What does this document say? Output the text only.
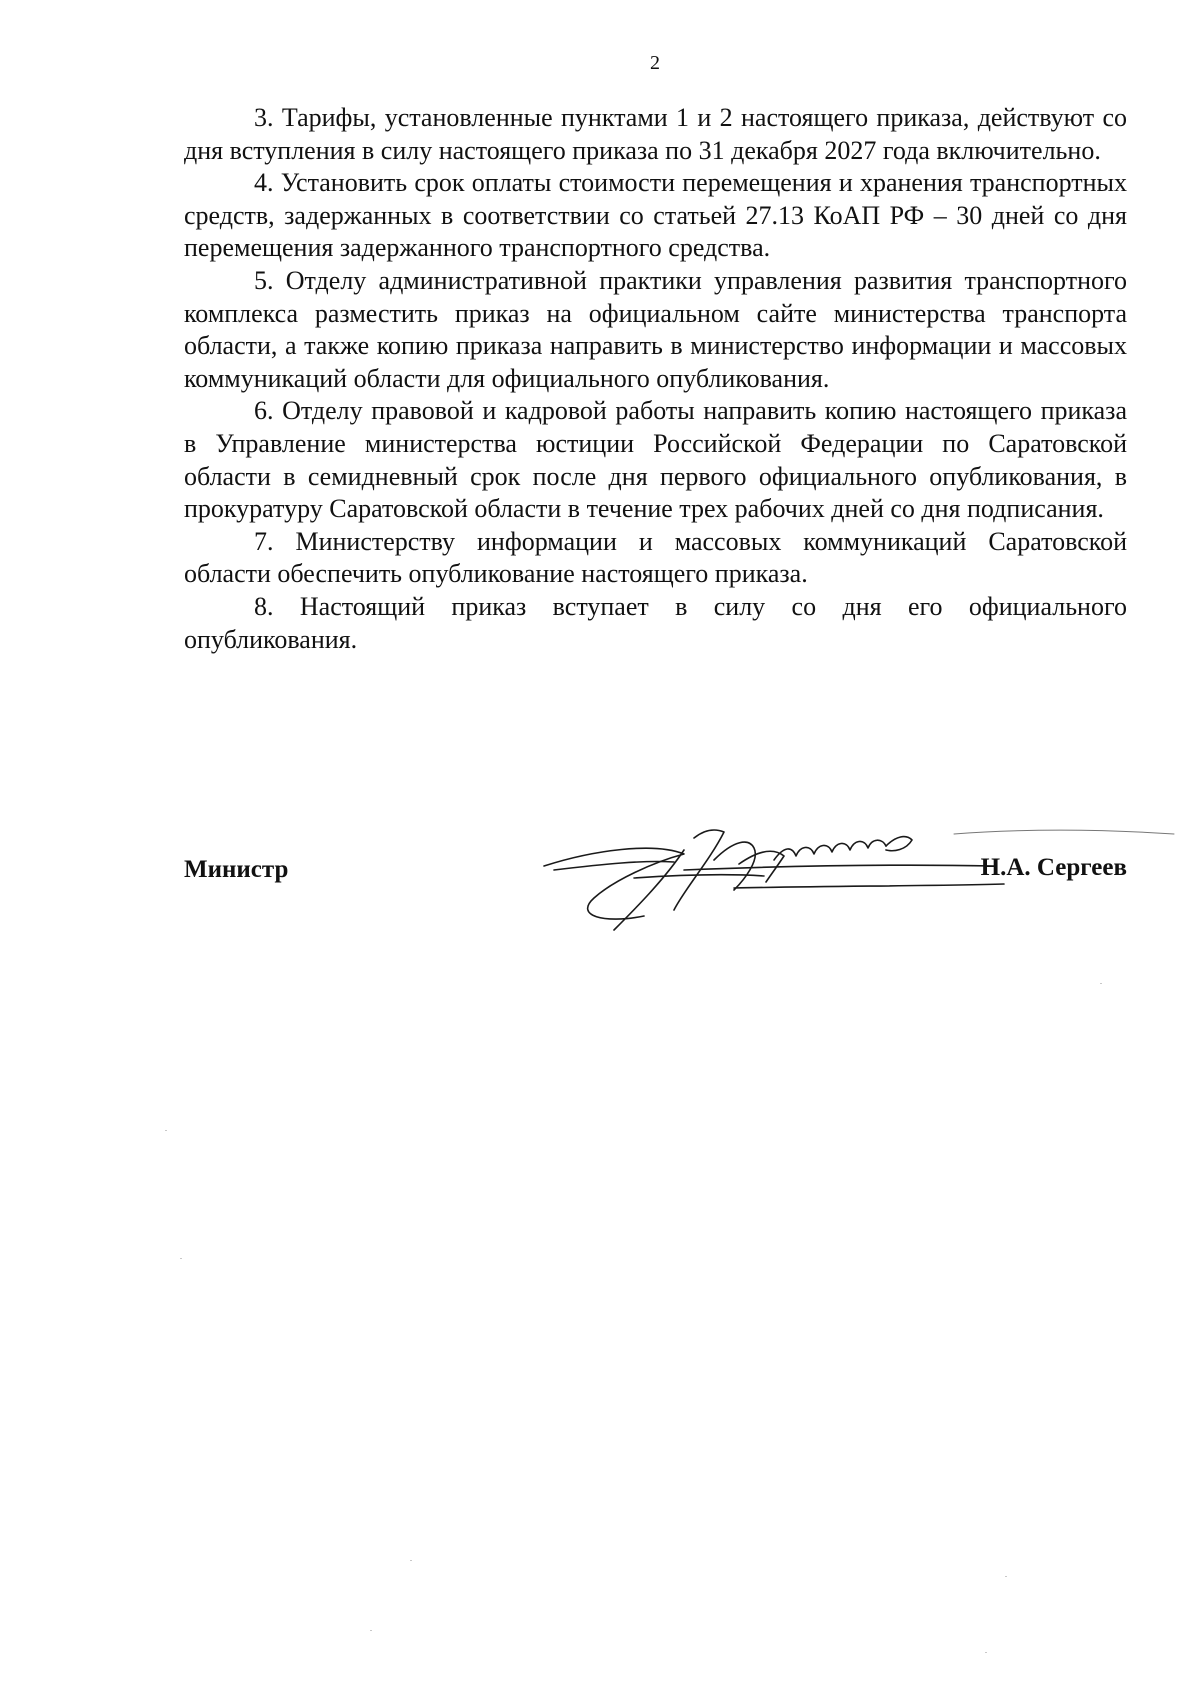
2

3. Тарифы, установленные пунктами 1 и 2 настоящего приказа, действуют со дня вступления в силу настоящего приказа по 31 декабря 2027 года включительно.

4. Установить срок оплаты стоимости перемещения и хранения транспортных средств, задержанных в соответствии со статьей 27.13 КоАП РФ – 30 дней со дня перемещения задержанного транспортного средства.

5. Отделу административной практики управления развития транспортного комплекса разместить приказ на официальном сайте министерства транспорта области, а также копию приказа направить в министерство информации и массовых коммуникаций области для официального опубликования.

6. Отделу правовой и кадровой работы направить копию настоящего приказа в Управление министерства юстиции Российской Федерации по Саратовской области в семидневный срок после дня первого официального опубликования, в прокуратуру Саратовской области в течение трех рабочих дней со дня подписания.

7. Министерству информации и массовых коммуникаций Саратовской области обеспечить опубликование настоящего приказа.

8. Настоящий приказ вступает в силу со дня его официального опубликования.

Министр	Н.А. Сергеев
